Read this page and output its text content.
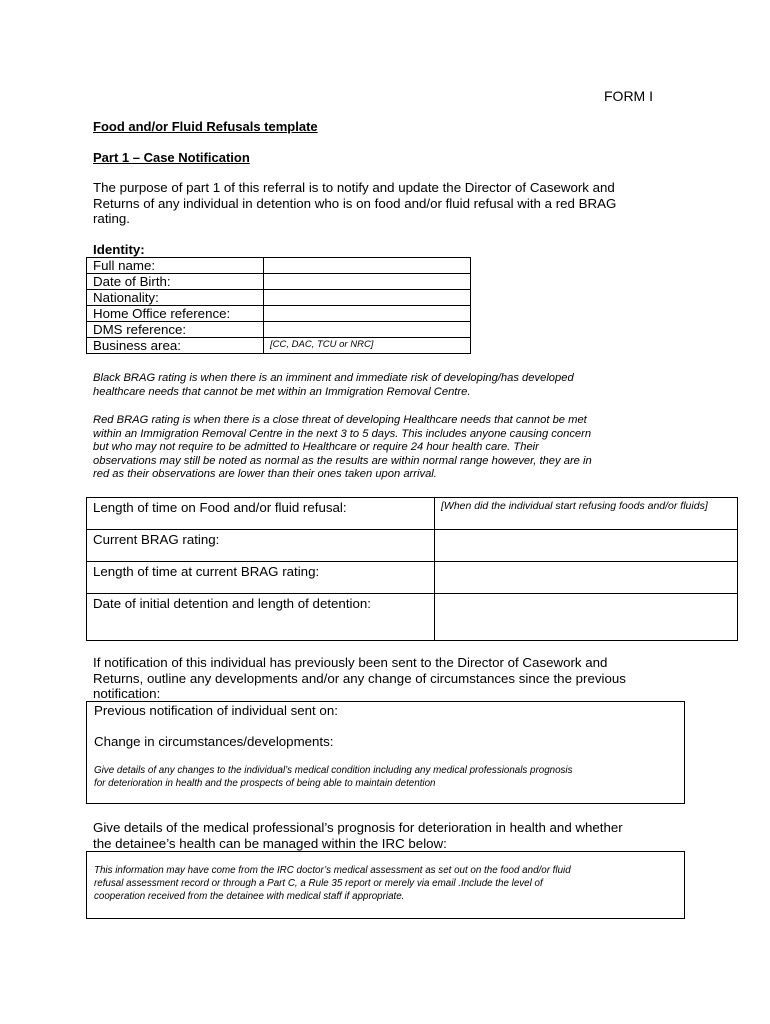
FORM I
Food and/or Fluid Refusals template
Part 1 – Case Notification
The purpose of part 1 of this referral is to notify and update the Director of Casework and
Returns of any individual in detention who is on food and/or fluid refusal with a red BRAG
rating.
Identity:
Full name:	
Date of Birth:	
Nationality:	
Home Office reference:	
DMS reference:	
Business area:	[CC, DAC, TCU or NRC]
Black BRAG rating is when there is an imminent and immediate risk of developing/has developed
healthcare needs that cannot be met within an Immigration Removal Centre.
Red BRAG rating is when there is a close threat of developing Healthcare needs that cannot be met
within an Immigration Removal Centre in the next 3 to 5 days. This includes anyone causing concern
but who may not require to be admitted to Healthcare or require 24 hour health care. Their
observations may still be noted as normal as the results are within normal range however, they are in
red as their observations are lower than their ones taken upon arrival.
Length of time on Food and/or fluid refusal:	[When did the individual start refusing foods and/or fluids]
Current BRAG rating:	
Length of time at current BRAG rating:	
Date of initial detention and length of detention:	
If notification of this individual has previously been sent to the Director of Casework and
Returns, outline any developments and/or any change of circumstances since the previous
notification:
Previous notification of individual sent on:
Change in circumstances/developments:
Give details of any changes to the individual’s medical condition including any medical professionals prognosis
for deterioration in health and the prospects of being able to maintain detention
Give details of the medical professional’s prognosis for deterioration in health and whether
the detainee’s health can be managed within the IRC below:
This information may have come from the IRC doctor’s medical assessment as set out on the food and/or fluid
refusal assessment record or through a Part C, a Rule 35 report or merely via email .Include the level of
cooperation received from the detainee with medical staff if appropriate.
